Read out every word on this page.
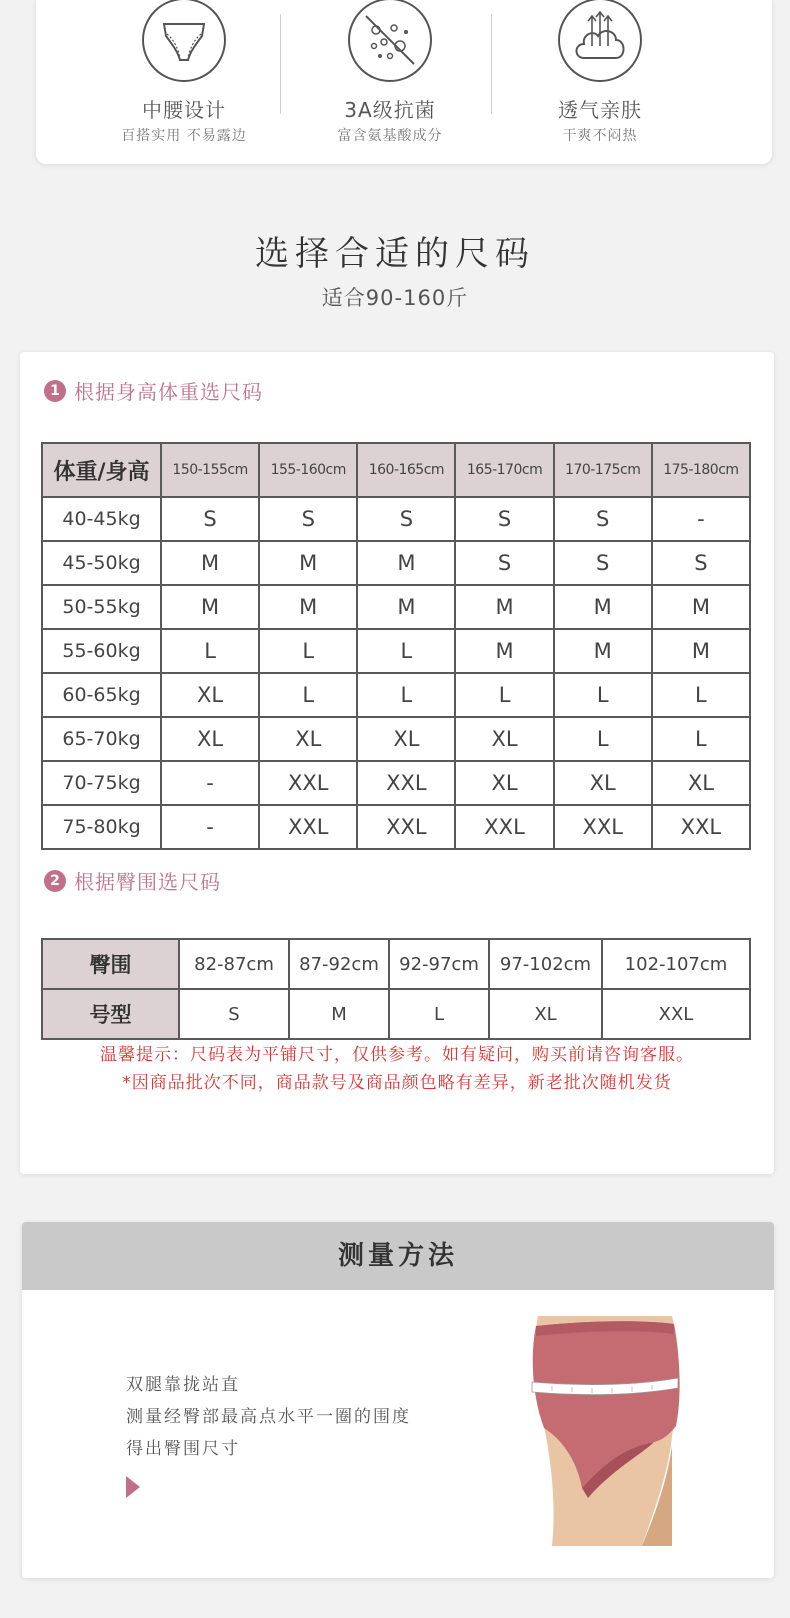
中腰设计
百搭实用 不易露边
3A级抗菌
富含氨基酸成分
透气亲肤
干爽不闷热
选择合适的尺码
适合90-160斤
1 根据身高体重选尺码
体重/身高	150-155cm	155-160cm	160-165cm	165-170cm	170-175cm	175-180cm
40-45kg	S	S	S	S	S	-
45-50kg	M	M	M	S	S	S
50-55kg	M	M	M	M	M	M
55-60kg	L	L	L	M	M	M
60-65kg	XL	L	L	L	L	L
65-70kg	XL	XL	XL	XL	L	L
70-75kg	-	XXL	XXL	XL	XL	XL
75-80kg	-	XXL	XXL	XXL	XXL	XXL
2 根据臀围选尺码
臀围	82-87cm	87-92cm	92-97cm	97-102cm	102-107cm
号型	S	M	L	XL	XXL
温馨提示：尺码表为平铺尺寸，仅供参考。如有疑问，购买前请咨询客服。
*因商品批次不同，商品款号及商品颜色略有差异，新老批次随机发货
测量方法
双腿靠拢站直
测量经臀部最高点水平一圈的围度
得出臀围尺寸
